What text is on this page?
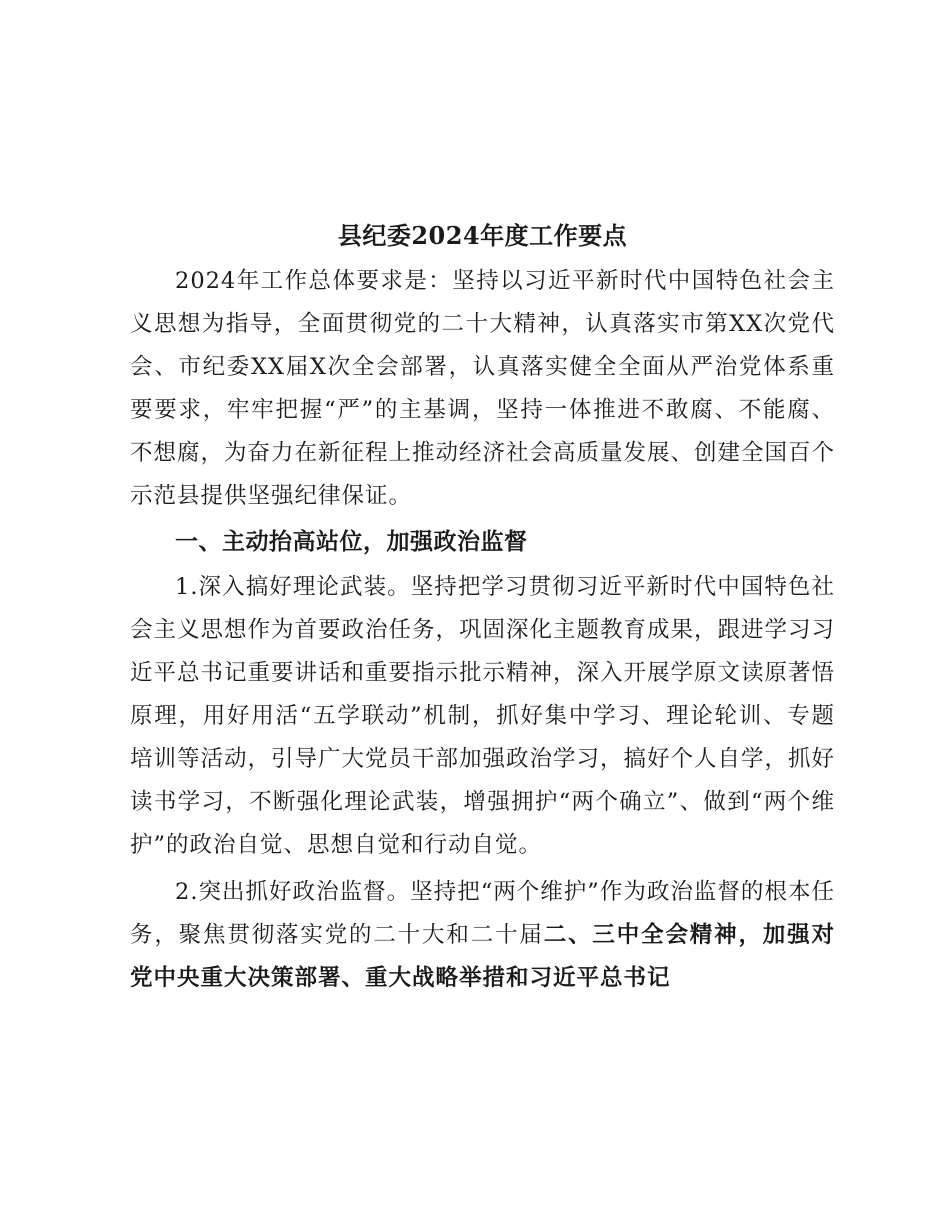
县纪委2024年度工作要点

2024年工作总体要求是：坚持以习近平新时代中国特色社会主义思想为指导，全面贯彻党的二十大精神，认真落实市第XX次党代会、市纪委XX届X次全会部署，认真落实健全全面从严治党体系重要要求，牢牢把握“严”的主基调，坚持一体推进不敢腐、不能腐、不想腐，为奋力在新征程上推动经济社会高质量发展、创建全国百个示范县提供坚强纪律保证。

一、主动抬高站位，加强政治监督

1.深入搞好理论武装。坚持把学习贯彻习近平新时代中国特色社会主义思想作为首要政治任务，巩固深化主题教育成果，跟进学习习近平总书记重要讲话和重要指示批示精神，深入开展学原文读原著悟原理，用好用活“五学联动”机制，抓好集中学习、理论轮训、专题培训等活动，引导广大党员干部加强政治学习，搞好个人自学，抓好读书学习，不断强化理论武装，增强拥护“两个确立”、做到“两个维护”的政治自觉、思想自觉和行动自觉。

2.突出抓好政治监督。坚持把“两个维护”作为政治监督的根本任务，聚焦贯彻落实党的二十大和二十届二、三中全会精神，加强对党中央重大决策部署、重大战略举措和习近平总书记
